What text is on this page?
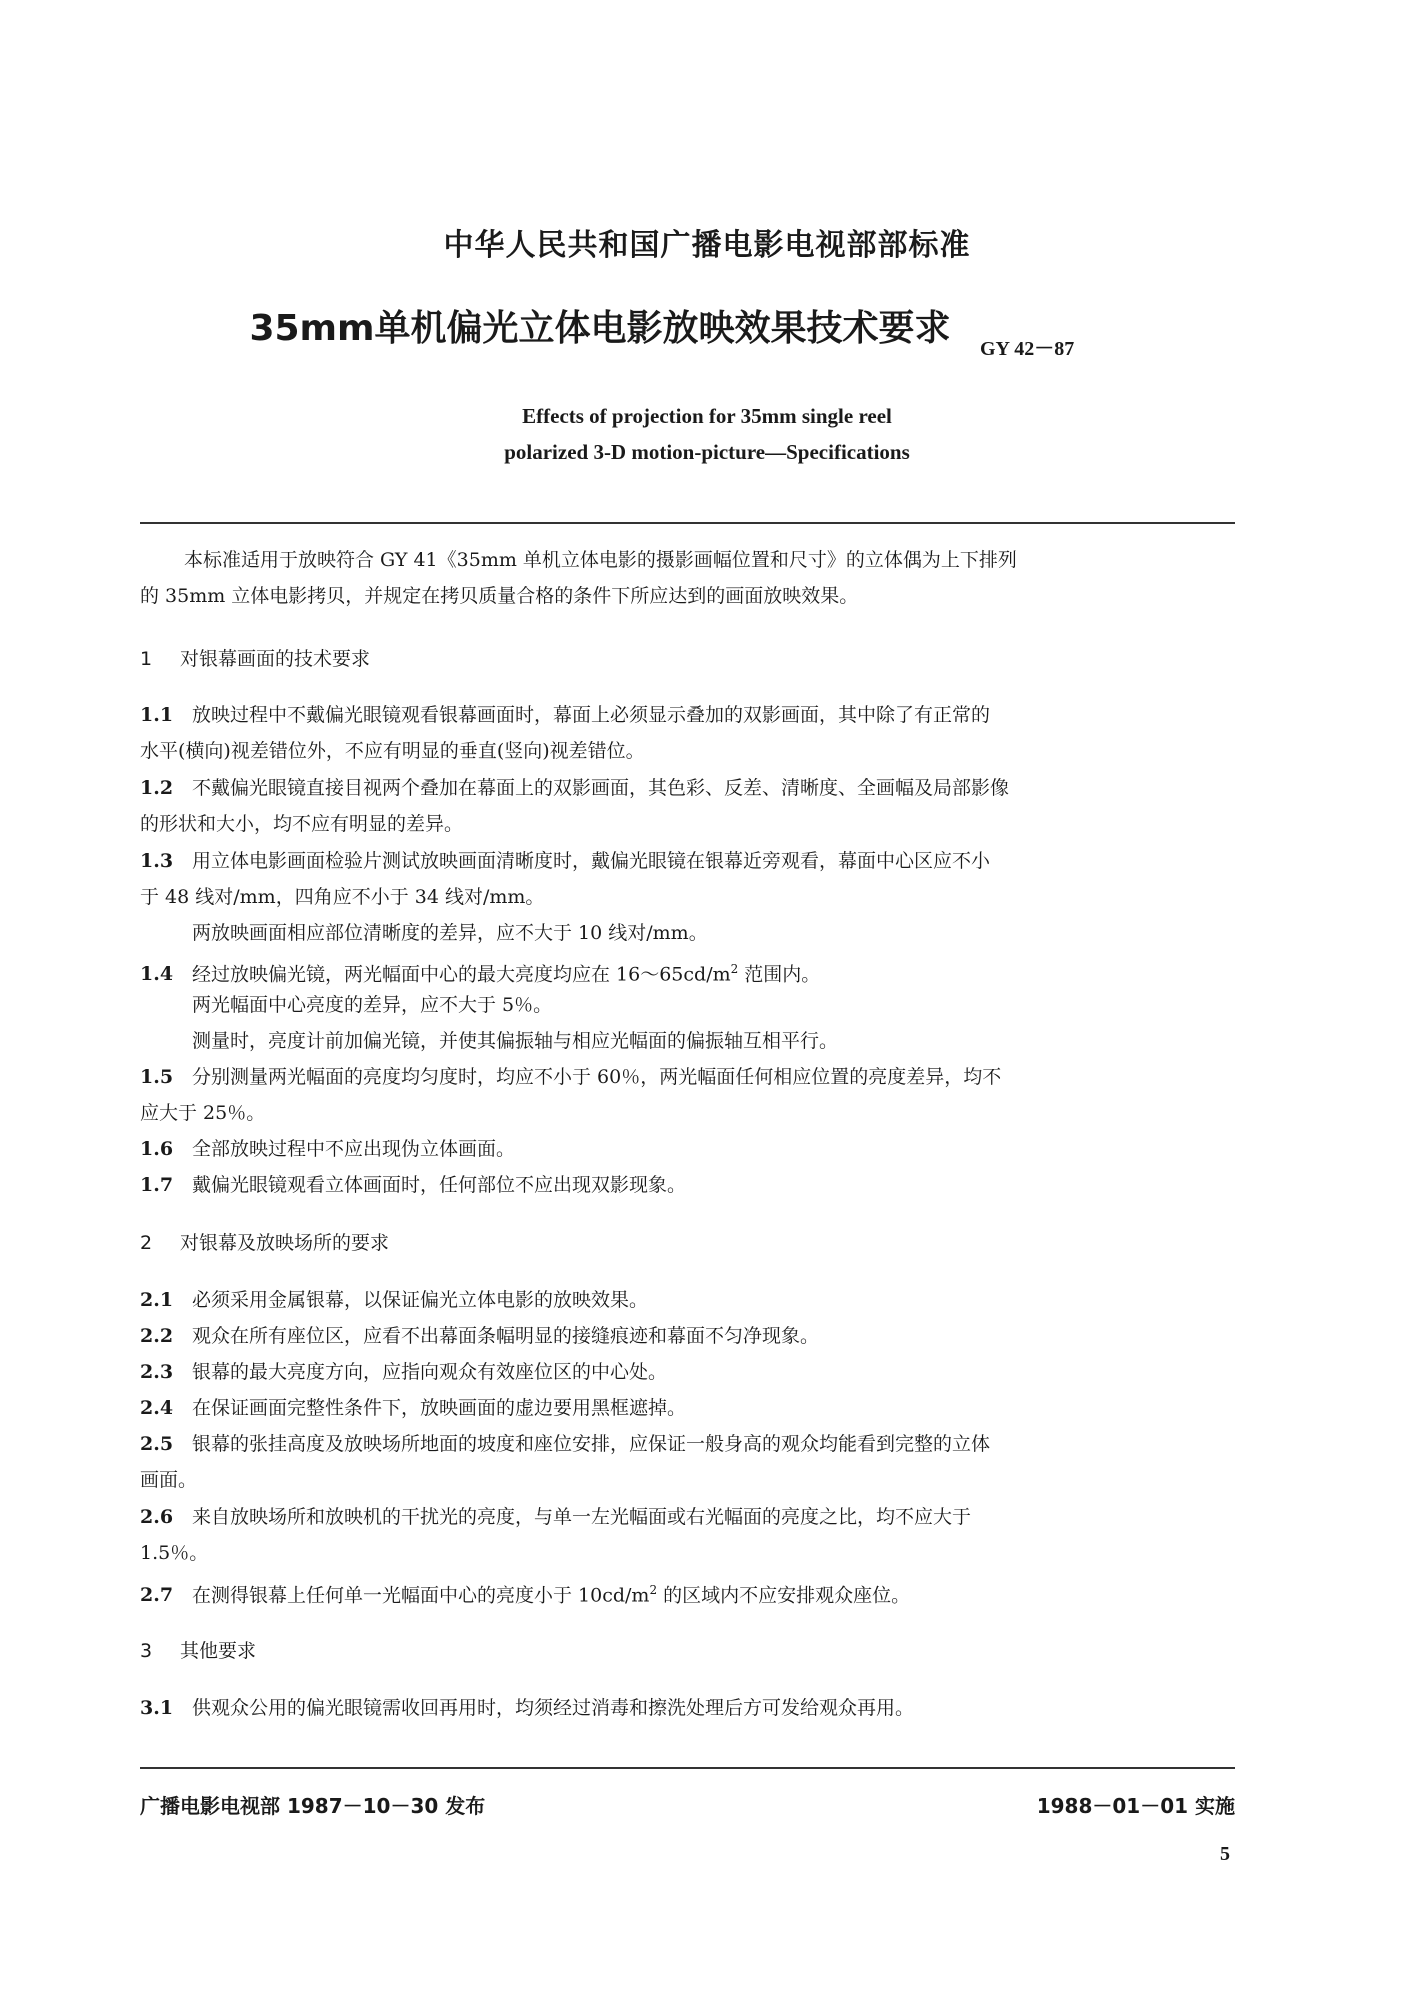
中华人民共和国广播电影电视部部标准
35mm单机偏光立体电影放映效果技术要求	GY 42－87
Effects of projection for 35mm single reel
polarized 3-D motion-picture—Specifications
本标准适用于放映符合 GY 41《35mm 单机立体电影的摄影画幅位置和尺寸》的立体偶为上下排列
的 35mm 立体电影拷贝，并规定在拷贝质量合格的条件下所应达到的画面放映效果。
1 对银幕画面的技术要求
1.1 放映过程中不戴偏光眼镜观看银幕画面时，幕面上必须显示叠加的双影画面，其中除了有正常的
水平(横向)视差错位外，不应有明显的垂直(竖向)视差错位。
1.2 不戴偏光眼镜直接目视两个叠加在幕面上的双影画面，其色彩、反差、清晰度、全画幅及局部影像
的形状和大小，均不应有明显的差异。
1.3 用立体电影画面检验片测试放映画面清晰度时，戴偏光眼镜在银幕近旁观看，幕面中心区应不小
于 48 线对/mm，四角应不小于 34 线对/mm。
两放映画面相应部位清晰度的差异，应不大于 10 线对/mm。
1.4 经过放映偏光镜，两光幅面中心的最大亮度均应在 $16\sim 65cd/m^2$ 范围内。
两光幅面中心亮度的差异，应不大于 5％。
测量时，亮度计前加偏光镜，并使其偏振轴与相应光幅面的偏振轴互相平行。
1.5 分别测量两光幅面的亮度均匀度时，均应不小于 60％，两光幅面任何相应位置的亮度差异，均不
应大于 25％。
1.6 全部放映过程中不应出现伪立体画面。
1.7 戴偏光眼镜观看立体画面时，任何部位不应出现双影现象。
2 对银幕及放映场所的要求
2.1 必须采用金属银幕，以保证偏光立体电影的放映效果。
2.2 观众在所有座位区，应看不出幕面条幅明显的接缝痕迹和幕面不匀净现象。
2.3 银幕的最大亮度方向，应指向观众有效座位区的中心处。
2.4 在保证画面完整性条件下，放映画面的虚边要用黑框遮掉。
2.5 银幕的张挂高度及放映场所地面的坡度和座位安排，应保证一般身高的观众均能看到完整的立体
画面。
2.6 来自放映场所和放映机的干扰光的亮度，与单一左光幅面或右光幅面的亮度之比，均不应大于
1.5％。
2.7 在测得银幕上任何单一光幅面中心的亮度小于 $10cd/m^2$ 的区域内不应安排观众座位。
3 其他要求
3.1 供观众公用的偏光眼镜需收回再用时，均须经过消毒和擦洗处理后方可发给观众再用。
广播电影电视部 1987－10－30 发布	1988－01－01 实施
5
